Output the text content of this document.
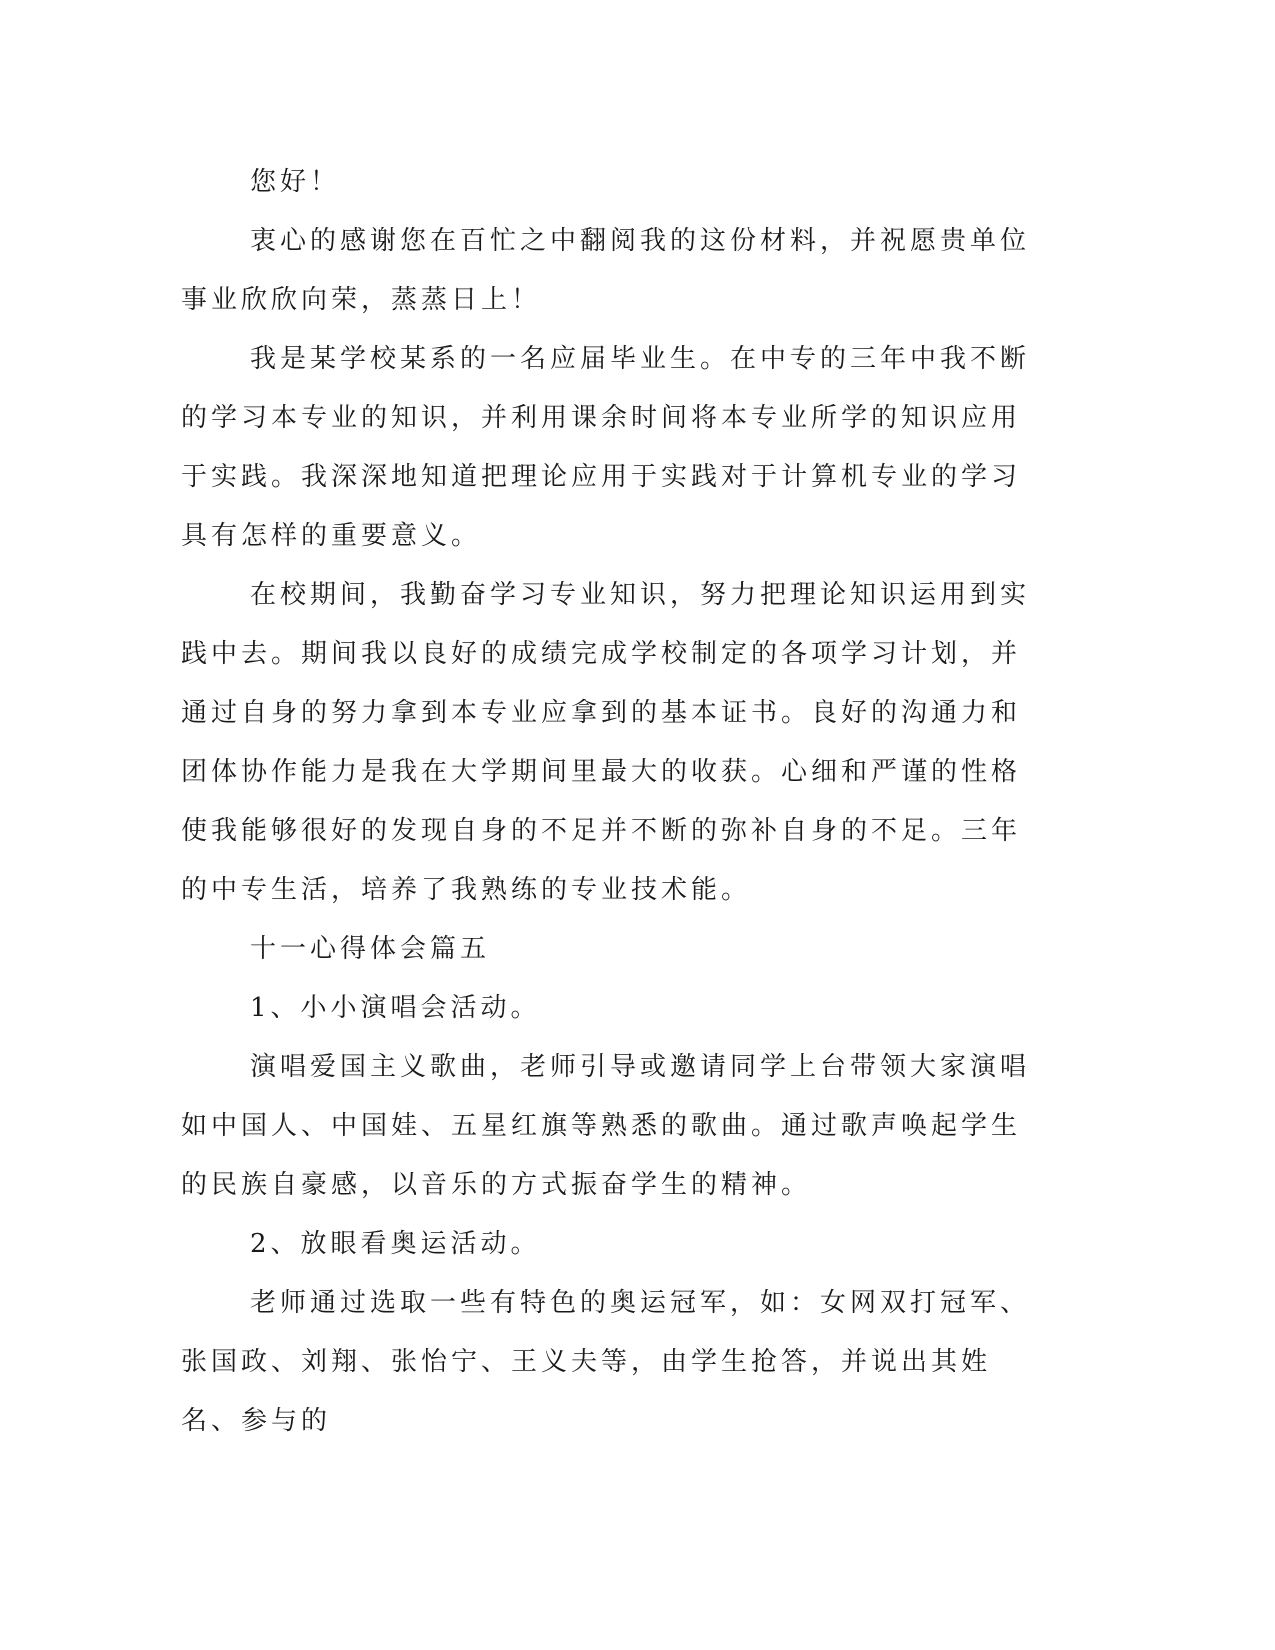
您好！

衷心的感谢您在百忙之中翻阅我的这份材料，并祝愿贵单位事业欣欣向荣，蒸蒸日上！

我是某学校某系的一名应届毕业生。在中专的三年中我不断的学习本专业的知识，并利用课余时间将本专业所学的知识应用于实践。我深深地知道把理论应用于实践对于计算机专业的学习具有怎样的重要意义。

在校期间，我勤奋学习专业知识，努力把理论知识运用到实践中去。期间我以良好的成绩完成学校制定的各项学习计划，并通过自身的努力拿到本专业应拿到的基本证书。良好的沟通力和团体协作能力是我在大学期间里最大的收获。心细和严谨的性格使我能够很好的发现自身的不足并不断的弥补自身的不足。三年的中专生活，培养了我熟练的专业技术能。

十一心得体会篇五

1、小小演唱会活动。

演唱爱国主义歌曲，老师引导或邀请同学上台带领大家演唱如中国人、中国娃、五星红旗等熟悉的歌曲。通过歌声唤起学生的民族自豪感，以音乐的方式振奋学生的精神。

2、放眼看奥运活动。

老师通过选取一些有特色的奥运冠军，如：女网双打冠军、张国政、刘翔、张怡宁、王义夫等，由学生抢答，并说出其姓名、参与的
